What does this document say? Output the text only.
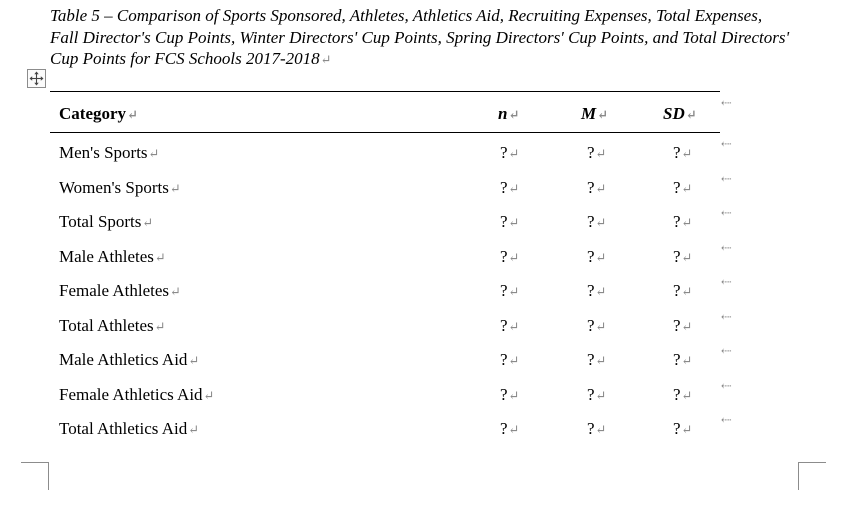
Table 5 – Comparison of Sports Sponsored, Athletes, Athletics Aid, Recruiting Expenses, Total Expenses, Fall Director's Cup Points, Winter Directors' Cup Points, Spring Directors' Cup Points, and Total Directors' Cup Points for FCS Schools 2017-2018↵
Category↵	n↵	M↵	SD↵
⇠
Men's Sports↵	?↵	?↵	?↵
⇠
Women's Sports↵	?↵	?↵	?↵
⇠
Total Sports↵	?↵	?↵	?↵
⇠
Male Athletes↵	?↵	?↵	?↵
⇠
Female Athletes↵	?↵	?↵	?↵
⇠
Total Athletes↵	?↵	?↵	?↵
⇠
Male Athletics Aid↵	?↵	?↵	?↵
⇠
Female Athletics Aid↵	?↵	?↵	?↵
⇠
Total Athletics Aid↵	?↵	?↵	?↵
⇠
